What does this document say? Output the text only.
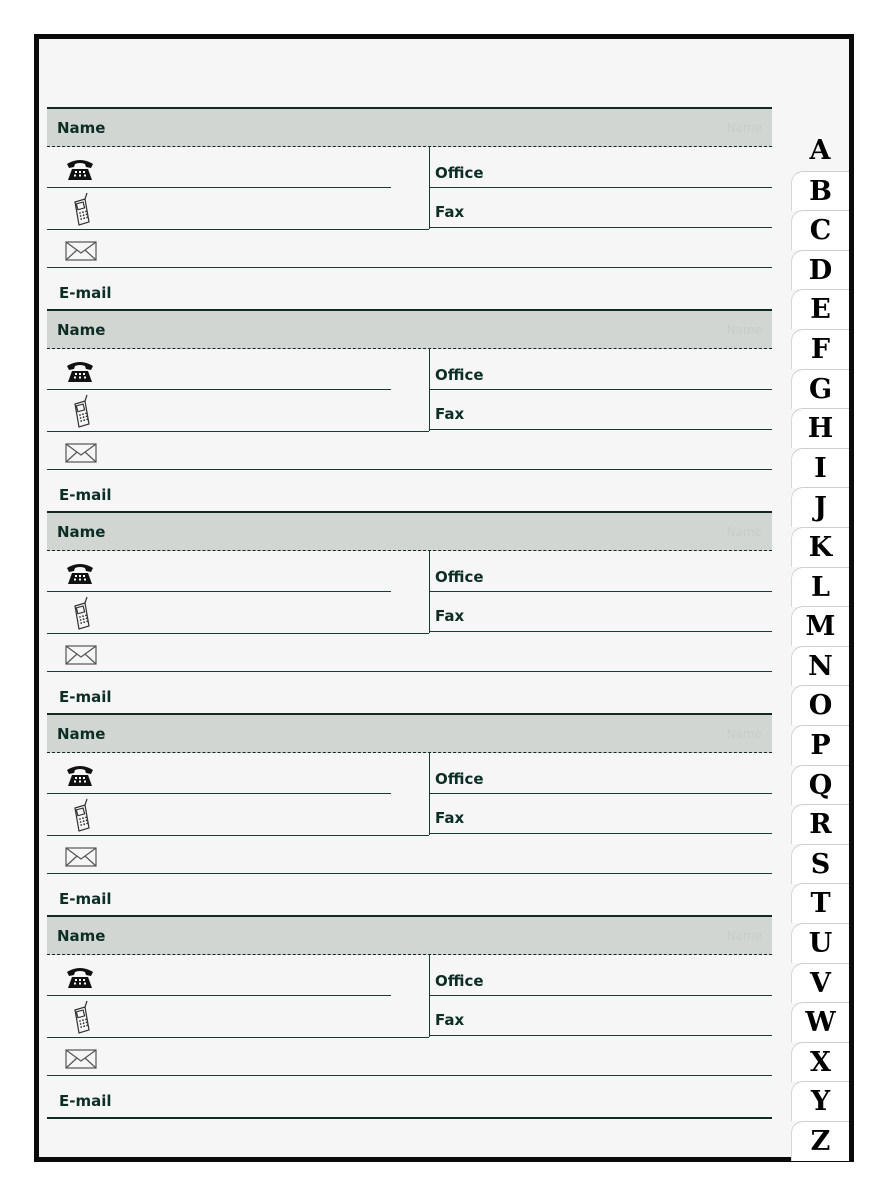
Name	Name
Office
Fax
E-mail
Name	Name
Office
Fax
E-mail
Name	Name
Office
Fax
E-mail
Name	Name
Office
Fax
E-mail
Name	Name
Office
Fax
E-mail
A
B
C
D
E
F
G
H
I
J
K
L
M
N
O
P
Q
R
S
T
U
V
W
X
Y
Z
